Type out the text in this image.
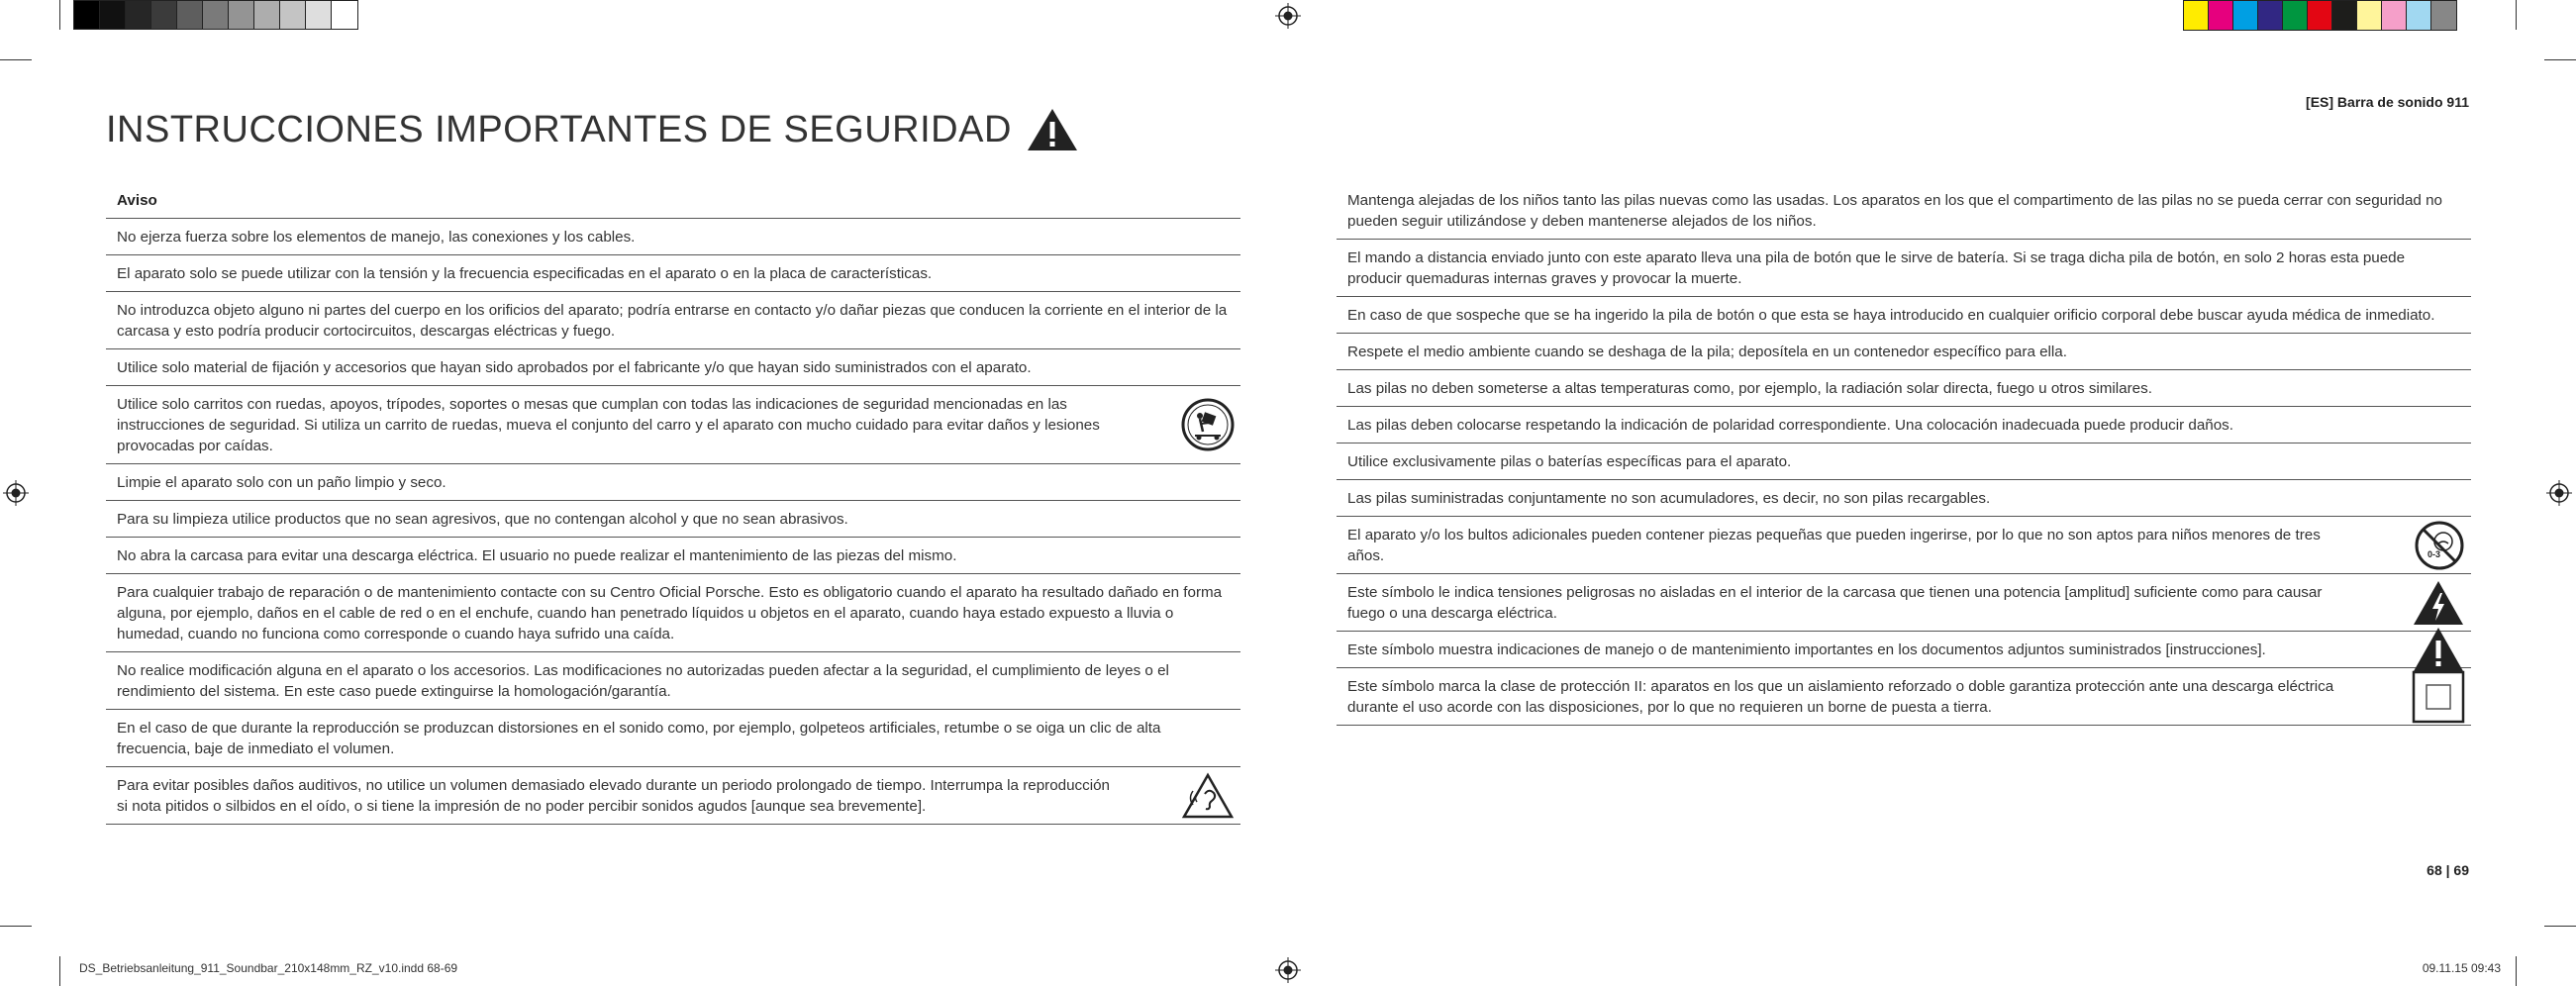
INSTRUCCIONES IMPORTANTES DE SEGURIDAD
[ES] Barra de sonido 911
68 | 69
DS_Betriebsanleitung_911_Soundbar_210x148mm_RZ_v10.indd 68-69	09.11.15 09:43
Aviso
No ejerza fuerza sobre los elementos de manejo, las conexiones y los cables.
El aparato solo se puede utilizar con la tensión y la frecuencia especificadas en el aparato o en la placa de características.
No introduzca objeto alguno ni partes del cuerpo en los orificios del aparato; podría entrarse en contacto y/o dañar piezas que conducen la corriente en el interior de la carcasa y esto podría producir cortocircuitos, descargas eléctricas y fuego.
Utilice solo material de fijación y accesorios que hayan sido aprobados por el fabricante y/o que hayan sido suministrados con el aparato.
Utilice solo carritos con ruedas, apoyos, trípodes, soportes o mesas que cumplan con todas las indicaciones de seguridad mencionadas en las instrucciones de seguridad. Si utiliza un carrito de ruedas, mueva el conjunto del carro y el aparato con mucho cuidado para evitar daños y lesiones provocadas por caídas.
Limpie el aparato solo con un paño limpio y seco.
Para su limpieza utilice productos que no sean agresivos, que no contengan alcohol y que no sean abrasivos.
No abra la carcasa para evitar una descarga eléctrica. El usuario no puede realizar el mantenimiento de las piezas del mismo.
Para cualquier trabajo de reparación o de mantenimiento contacte con su Centro Oficial Porsche. Esto es obligatorio cuando el aparato ha resultado dañado en forma alguna, por ejemplo, daños en el cable de red o en el enchufe, cuando han penetrado líquidos u objetos en el aparato, cuando haya estado expuesto a lluvia o humedad, cuando no funciona como corresponde o cuando haya sufrido una caída.
No realice modificación alguna en el aparato o los accesorios. Las modificaciones no autorizadas pueden afectar a la seguridad, el cumplimiento de leyes o el rendimiento del sistema. En este caso puede extinguirse la homologación/garantía.
En el caso de que durante la reproducción se produzcan distorsiones en el sonido como, por ejemplo, golpeteos artificiales, retumbe o se oiga un clic de alta frecuencia, baje de inmediato el volumen.
Para evitar posibles daños auditivos, no utilice un volumen demasiado elevado durante un periodo prolongado de tiempo. Interrumpa la reproducción si nota pitidos o silbidos en el oído, o si tiene la impresión de no poder percibir sonidos agudos [aunque sea brevemente].
Mantenga alejadas de los niños tanto las pilas nuevas como las usadas. Los aparatos en los que el compartimento de las pilas no se pueda cerrar con seguridad no pueden seguir utilizándose y deben mantenerse alejados de los niños.
El mando a distancia enviado junto con este aparato lleva una pila de botón que le sirve de batería. Si se traga dicha pila de botón, en solo 2 horas esta puede producir quemaduras internas graves y provocar la muerte.
En caso de que sospeche que se ha ingerido la pila de botón o que esta se haya introducido en cualquier orificio corporal debe buscar ayuda médica de inmediato.
Respete el medio ambiente cuando se deshaga de la pila; deposítela en un contenedor específico para ella.
Las pilas no deben someterse a altas temperaturas como, por ejemplo, la radiación solar directa, fuego u otros similares.
Las pilas deben colocarse respetando la indicación de polaridad correspondiente. Una colocación inadecuada puede producir daños.
Utilice exclusivamente pilas o baterías específicas para el aparato.
Las pilas suministradas conjuntamente no son acumuladores, es decir, no son pilas recargables.
El aparato y/o los bultos adicionales pueden contener piezas pequeñas que pueden ingerirse, por lo que no son aptos para niños menores de tres años.	0-3
Este símbolo le indica tensiones peligrosas no aisladas en el interior de la carcasa que tienen una potencia [amplitud] suficiente como para causar fuego o una descarga eléctrica.
Este símbolo muestra indicaciones de manejo o de mantenimiento importantes en los documentos adjuntos suministrados [instrucciones].
Este símbolo marca la clase de protección II: aparatos en los que un aislamiento reforzado o doble garantiza protección ante una descarga eléctrica durante el uso acorde con las disposiciones, por lo que no requieren un borne de puesta a tierra.
